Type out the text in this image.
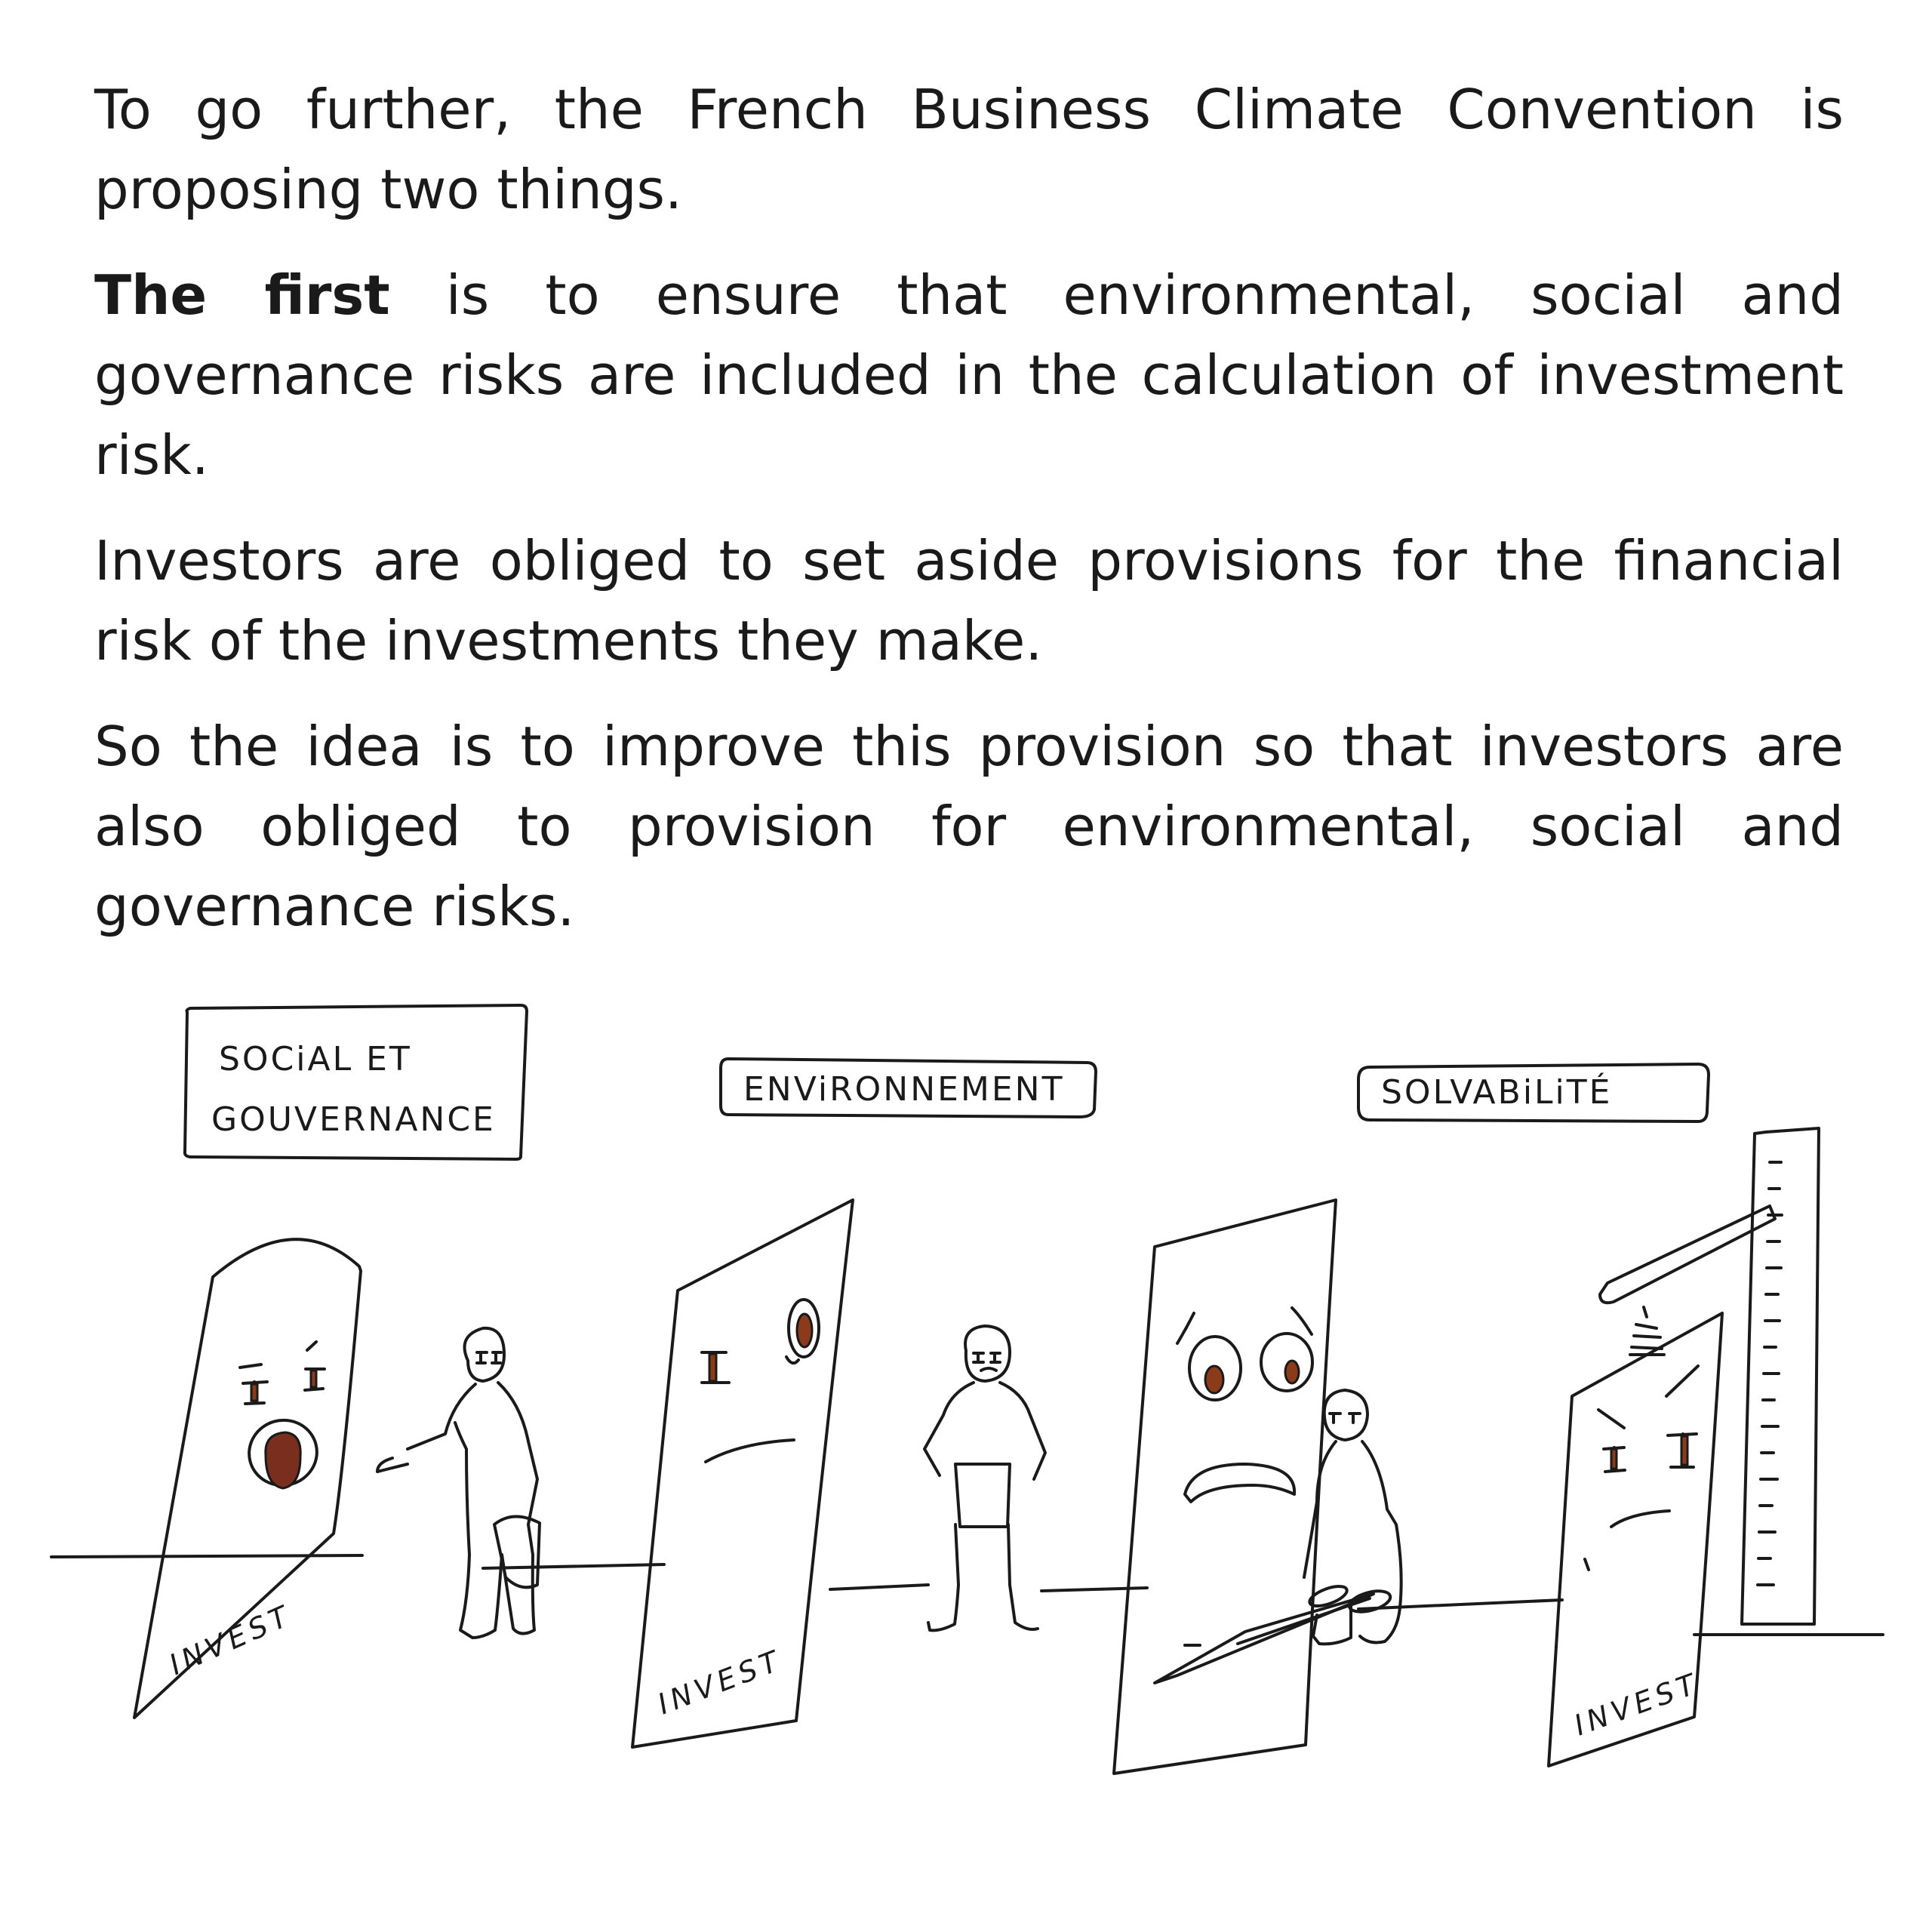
To go further, the French Business Climate Convention is proposing two things.

The first is to ensure that environmental, social and governance risks are included in the calculation of investment risk.

Investors are obliged to set aside provisions for the financial risk of the investments they make.

So the idea is to improve this provision so that investors are also obliged to provision for environmental, social and governance risks.

SOCiAL ET
GOUVERNANCE
ENViRONNEMENT	SOLVABiLiTÉ
INVEST
INVEST	INVEST
